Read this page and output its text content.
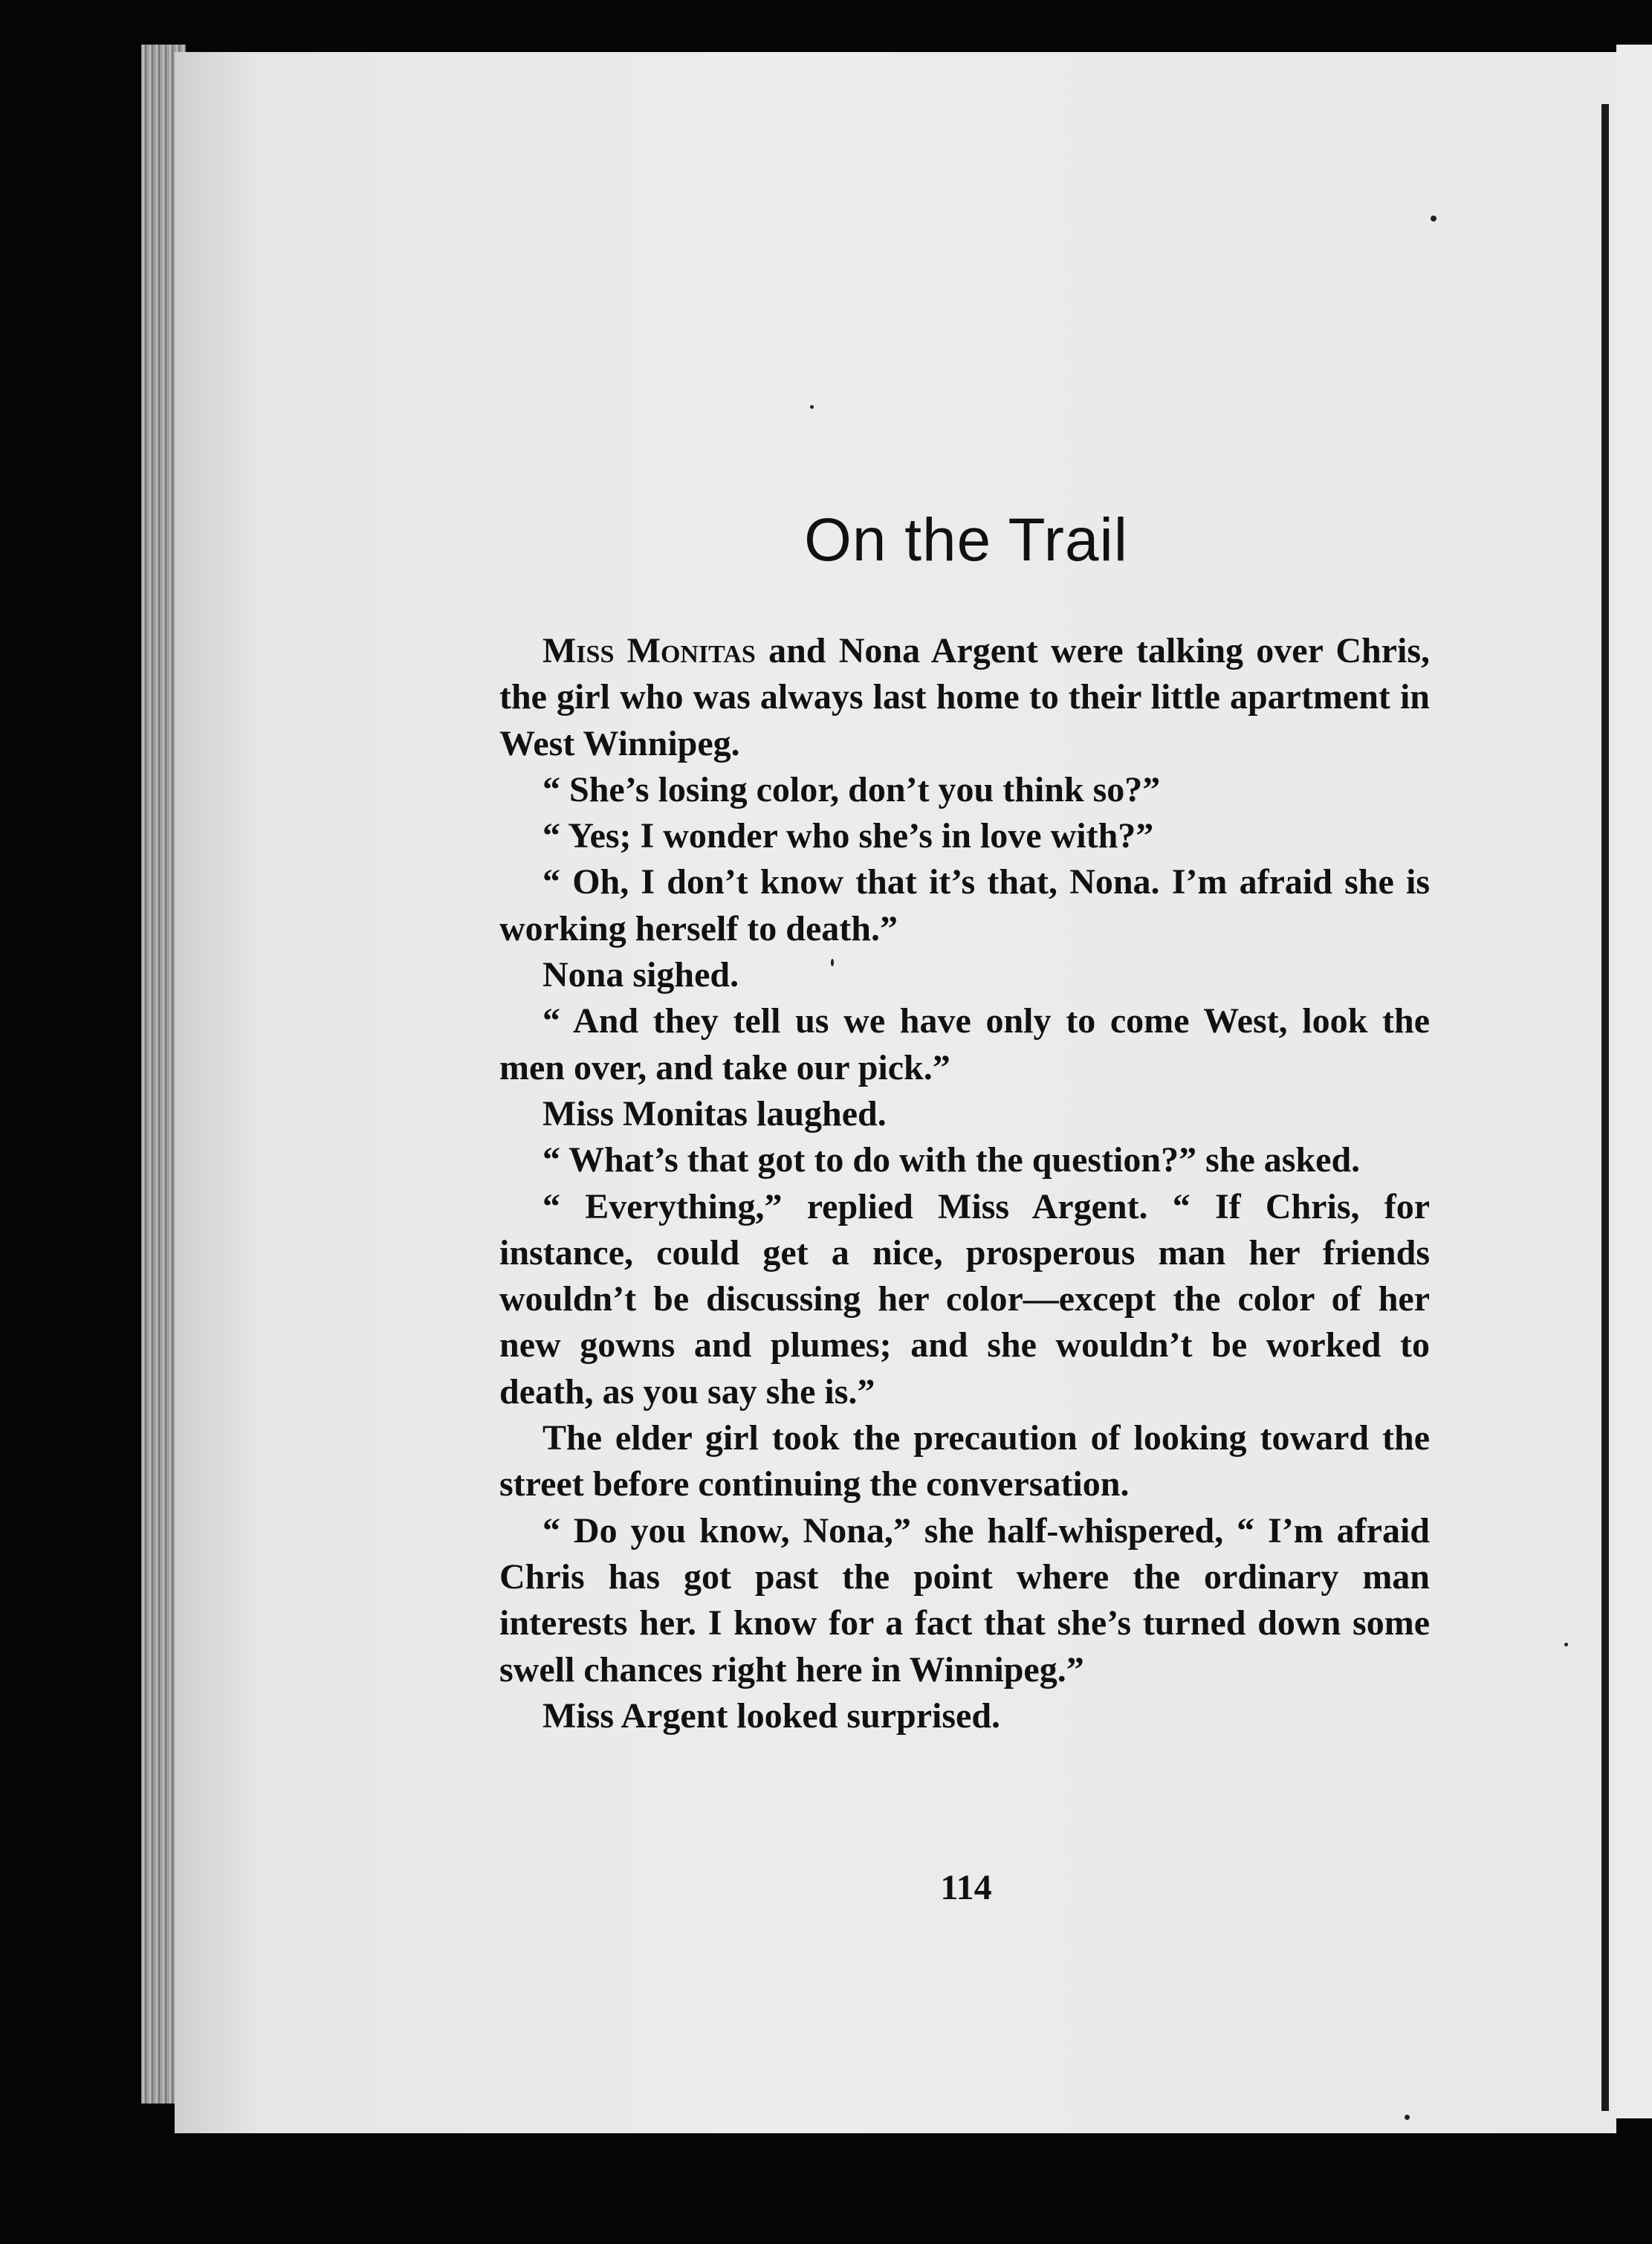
On the Trail

Miss Monitas and Nona Argent were talking over Chris, the girl who was always last home to their little apartment in West Winnipeg.

“ She’s losing color, don’t you think so?”

“ Yes; I wonder who she’s in love with?”

“ Oh, I don’t know that it’s that, Nona. I’m afraid she is working herself to death.”

Nona sighed.

“ And they tell us we have only to come West, look the men over, and take our pick.”

Miss Monitas laughed.

“ What’s that got to do with the question?” she asked.

“ Everything,” replied Miss Argent. “ If Chris, for instance, could get a nice, prosperous man her friends wouldn’t be discussing her color—except the color of her new gowns and plumes; and she wouldn’t be worked to death, as you say she is.”

The elder girl took the precaution of looking toward the street before continuing the conversation.

“ Do you know, Nona,” she half-whispered, “ I’m afraid Chris has got past the point where the ordinary man interests her. I know for a fact that she’s turned down some swell chances right here in Winnipeg.”

Miss Argent looked surprised.

114
